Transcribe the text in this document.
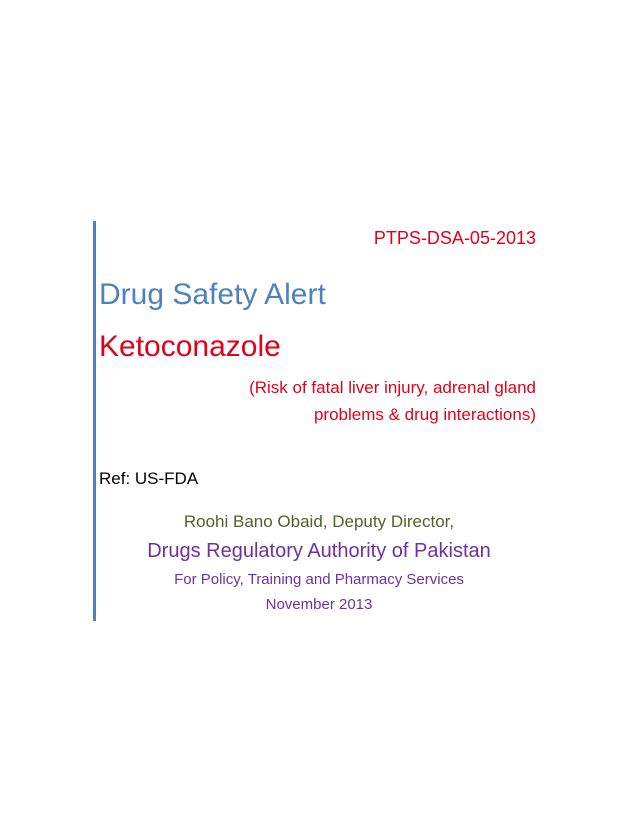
PTPS-DSA-05-2013
Drug Safety Alert
Ketoconazole
(Risk of fatal liver injury, adrenal gland
problems & drug interactions)
Ref: US-FDA
Roohi Bano Obaid, Deputy Director,
Drugs Regulatory Authority of Pakistan
For Policy, Training and Pharmacy Services
November 2013
